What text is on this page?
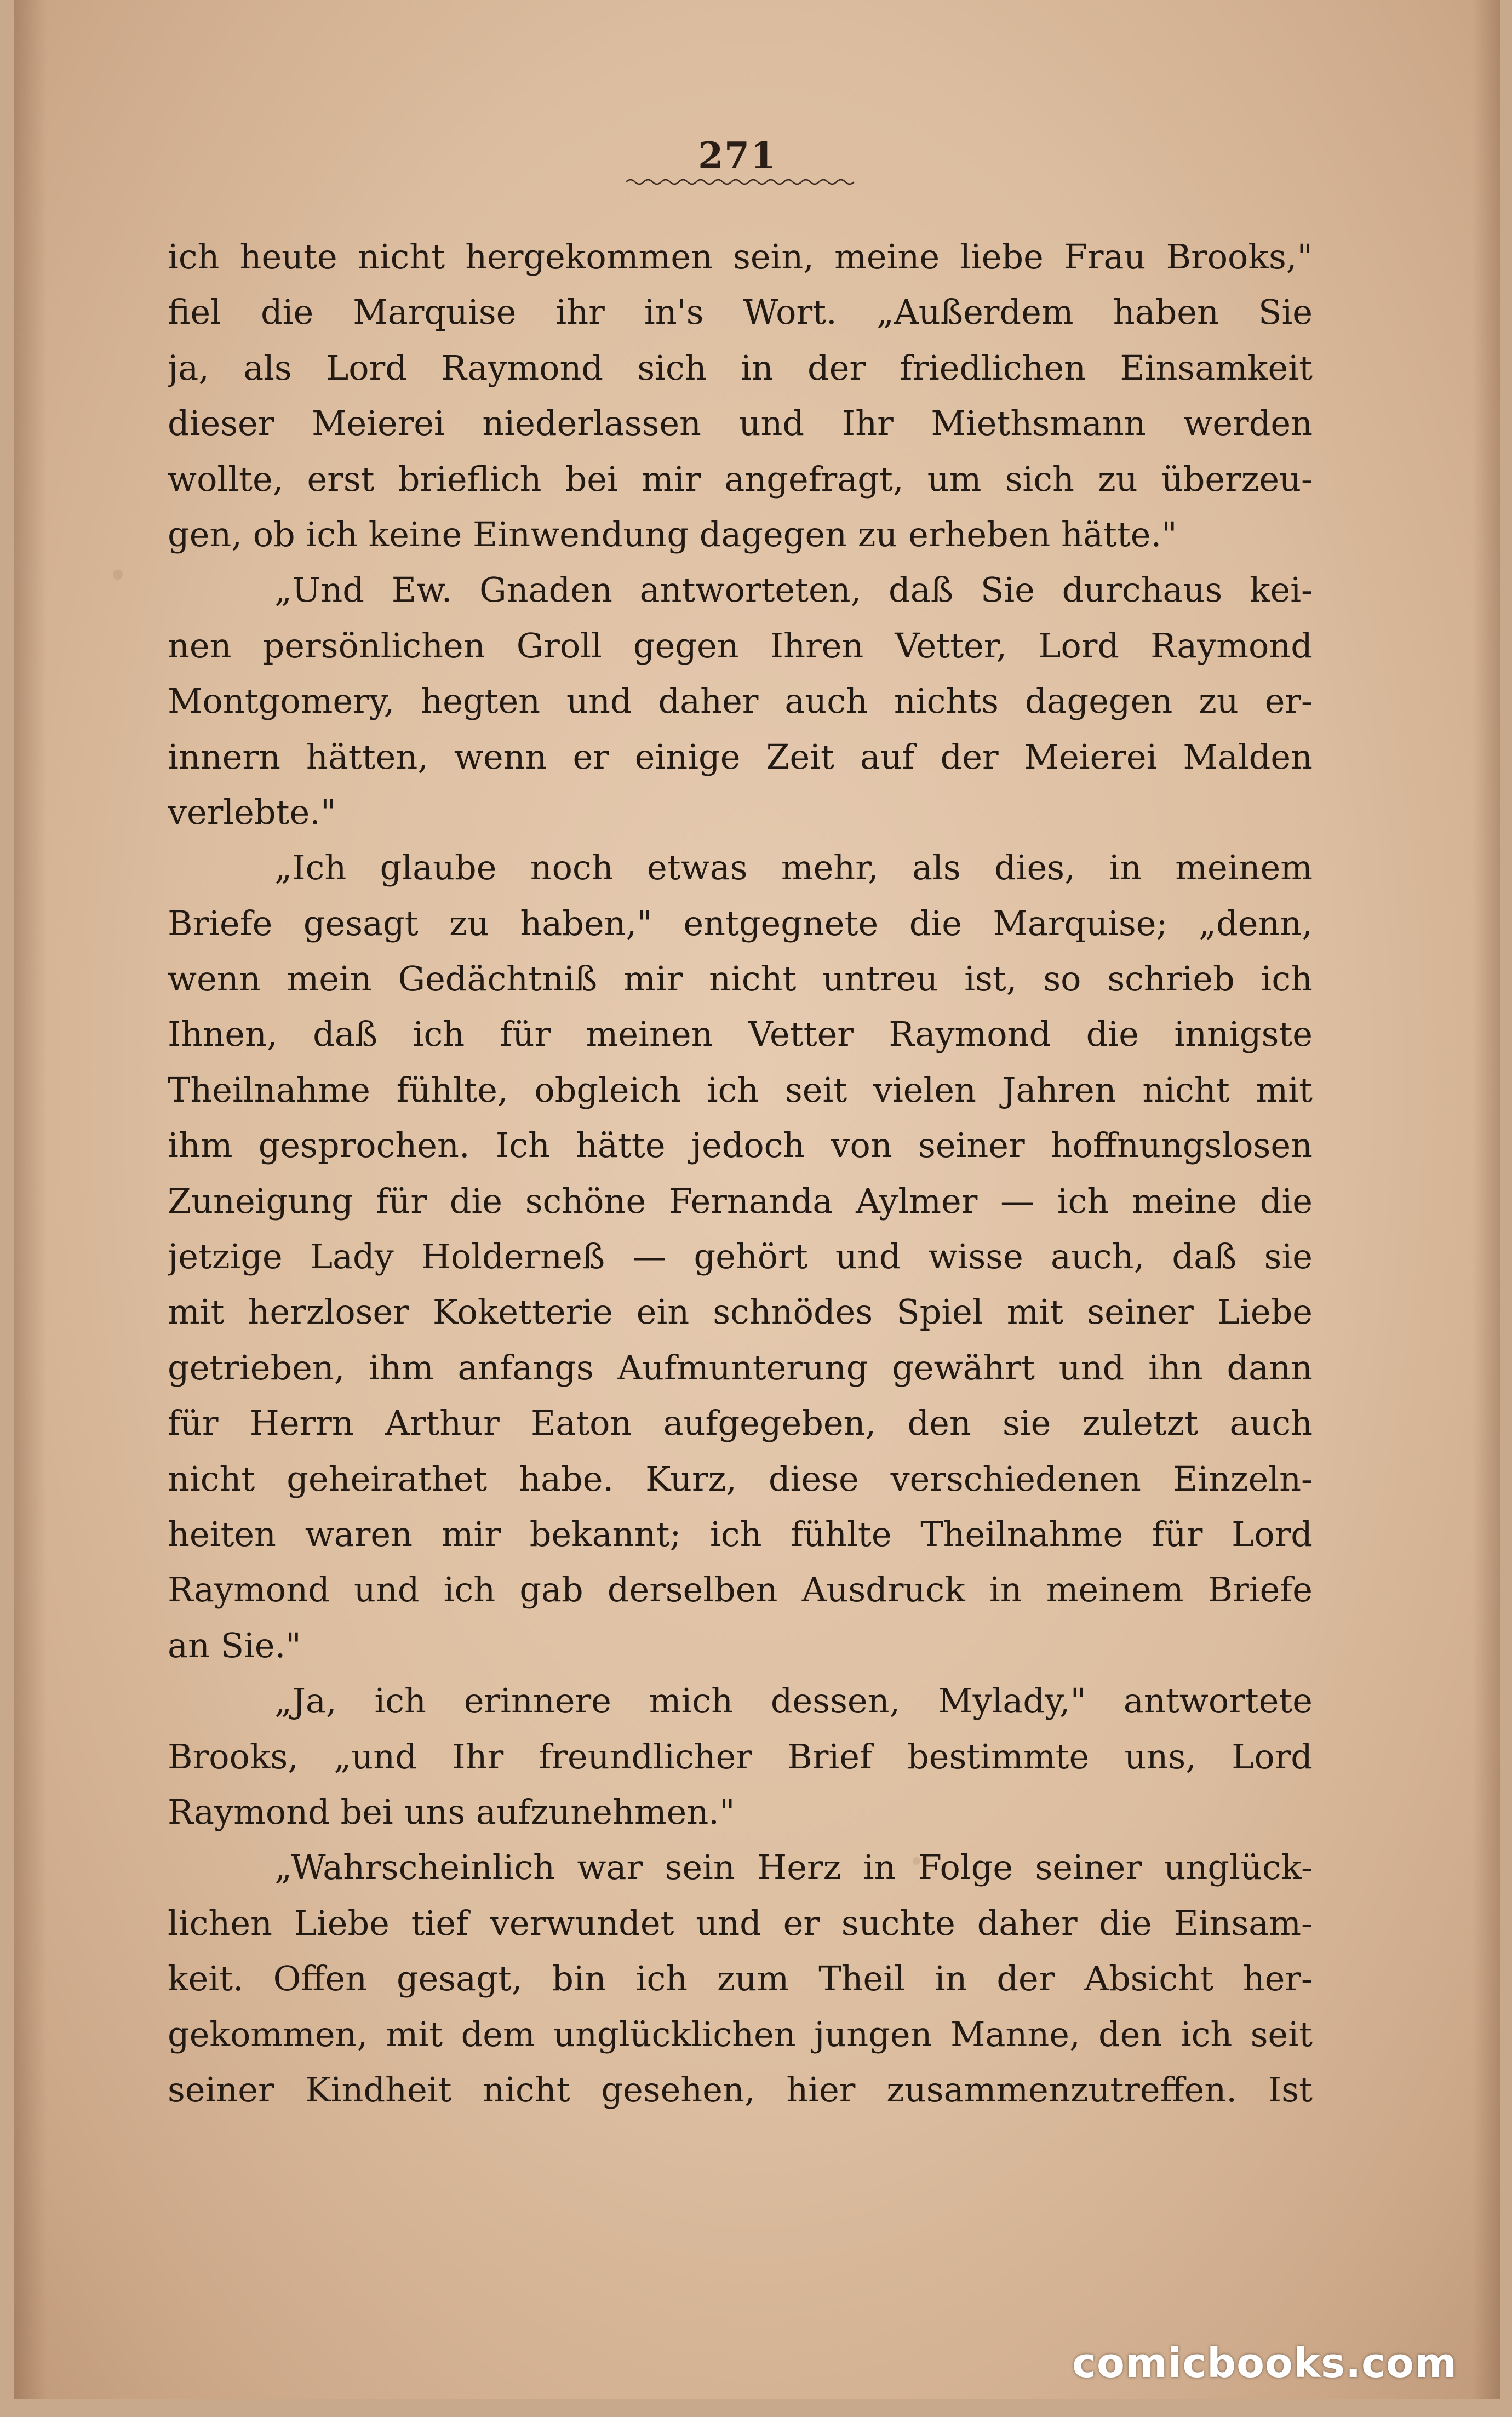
271
ich heute nicht hergekommen sein, meine liebe Frau Brooks,"
fiel die Marquise ihr in's Wort. „Außerdem haben Sie
ja, als Lord Raymond sich in der friedlichen Einsamkeit
dieser Meierei niederlassen und Ihr Miethsmann werden
wollte, erst brieflich bei mir angefragt, um sich zu überzeu-
gen, ob ich keine Einwendung dagegen zu erheben hätte."
„Und Ew. Gnaden antworteten, daß Sie durchaus kei-
nen persönlichen Groll gegen Ihren Vetter, Lord Raymond
Montgomery, hegten und daher auch nichts dagegen zu er-
innern hätten, wenn er einige Zeit auf der Meierei Malden
verlebte."
„Ich glaube noch etwas mehr, als dies, in meinem
Briefe gesagt zu haben," entgegnete die Marquise; „denn,
wenn mein Gedächtniß mir nicht untreu ist, so schrieb ich
Ihnen, daß ich für meinen Vetter Raymond die innigste
Theilnahme fühlte, obgleich ich seit vielen Jahren nicht mit
ihm gesprochen. Ich hätte jedoch von seiner hoffnungslosen
Zuneigung für die schöne Fernanda Aylmer — ich meine die
jetzige Lady Holderneß — gehört und wisse auch, daß sie
mit herzloser Koketterie ein schnödes Spiel mit seiner Liebe
getrieben, ihm anfangs Aufmunterung gewährt und ihn dann
für Herrn Arthur Eaton aufgegeben, den sie zuletzt auch
nicht geheirathet habe. Kurz, diese verschiedenen Einzeln-
heiten waren mir bekannt; ich fühlte Theilnahme für Lord
Raymond und ich gab derselben Ausdruck in meinem Briefe
an Sie."
„Ja, ich erinnere mich dessen, Mylady," antwortete
Brooks, „und Ihr freundlicher Brief bestimmte uns, Lord
Raymond bei uns aufzunehmen."
„Wahrscheinlich war sein Herz in Folge seiner unglück-
lichen Liebe tief verwundet und er suchte daher die Einsam-
keit. Offen gesagt, bin ich zum Theil in der Absicht her-
gekommen, mit dem unglücklichen jungen Manne, den ich seit
seiner Kindheit nicht gesehen, hier zusammenzutreffen. Ist
comicbooks.com
